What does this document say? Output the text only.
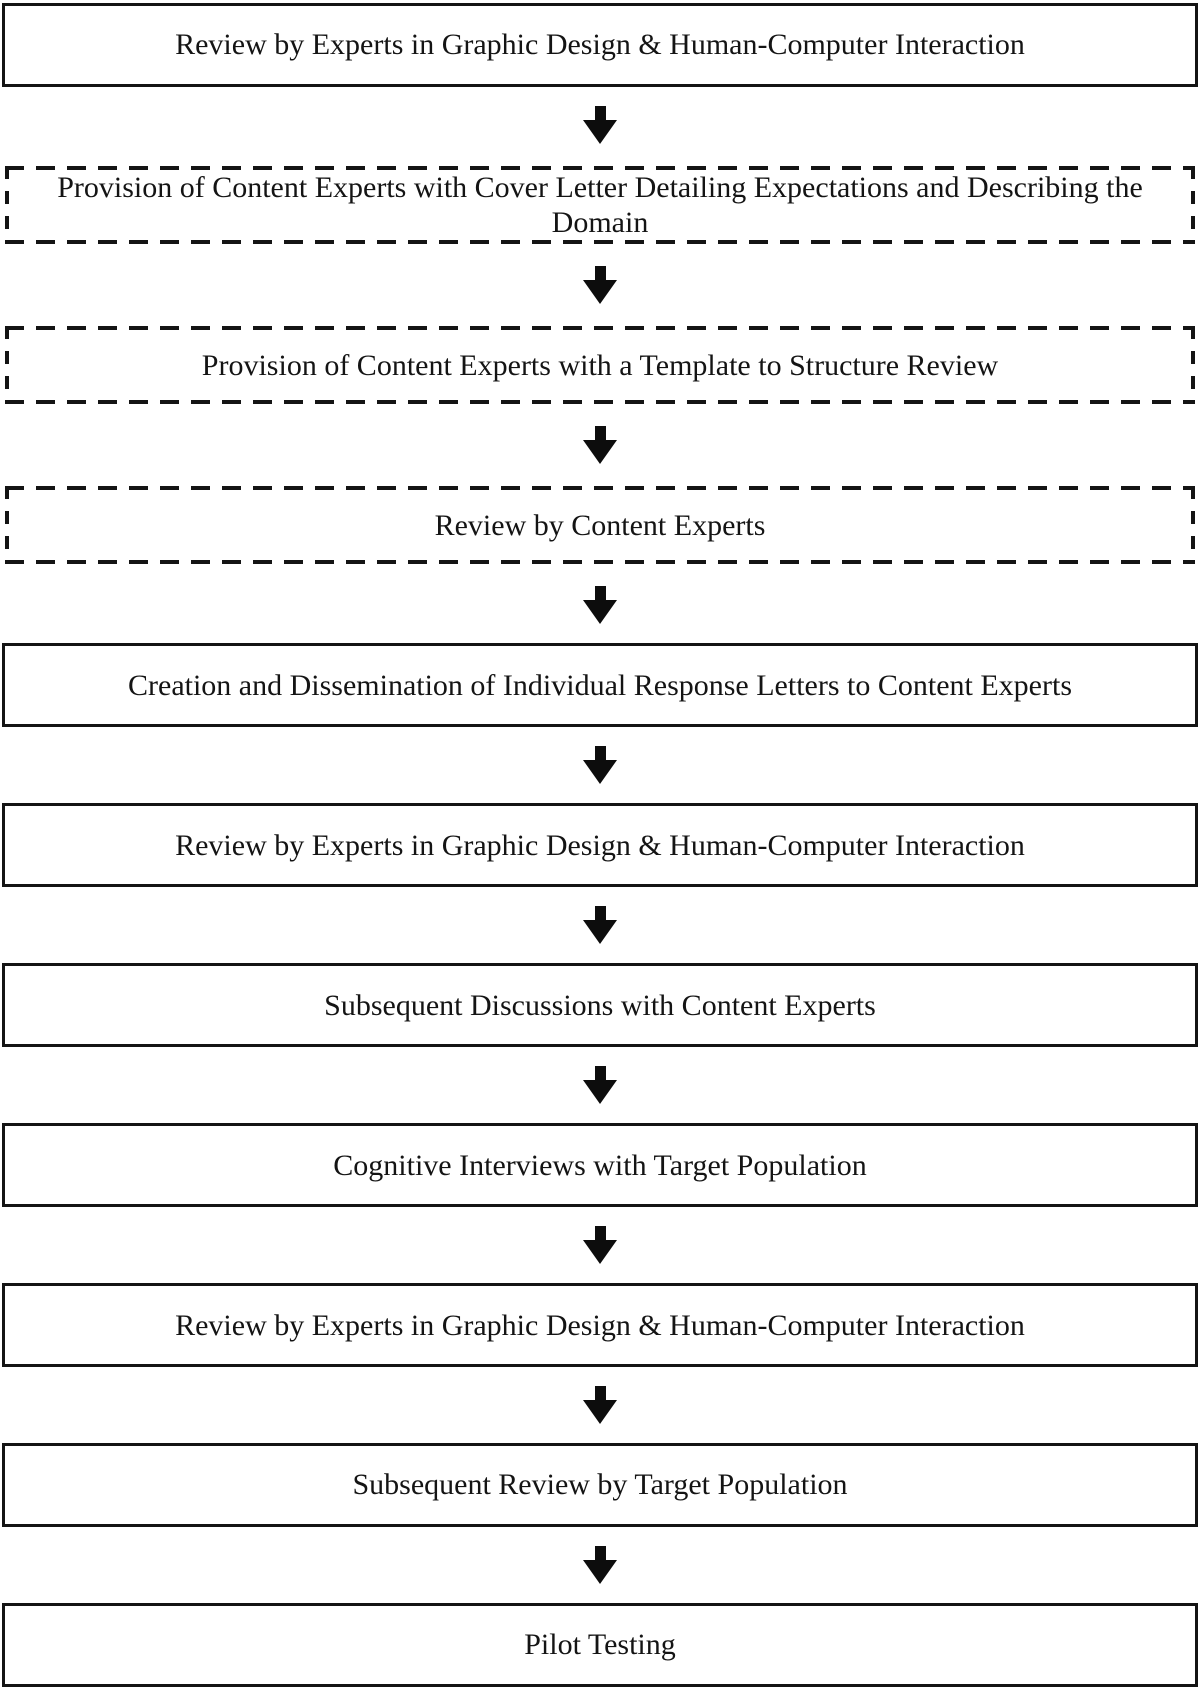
Review by Experts in Graphic Design & Human-Computer Interaction
Provision of Content Experts with Cover Letter Detailing Expectations and Describing the Domain
Provision of Content Experts with a Template to Structure Review
Review by Content Experts
Creation and Dissemination of Individual Response Letters to Content Experts
Review by Experts in Graphic Design & Human-Computer Interaction
Subsequent Discussions with Content Experts
Cognitive Interviews with Target Population
Review by Experts in Graphic Design & Human-Computer Interaction
Subsequent Review by Target Population
Pilot Testing
